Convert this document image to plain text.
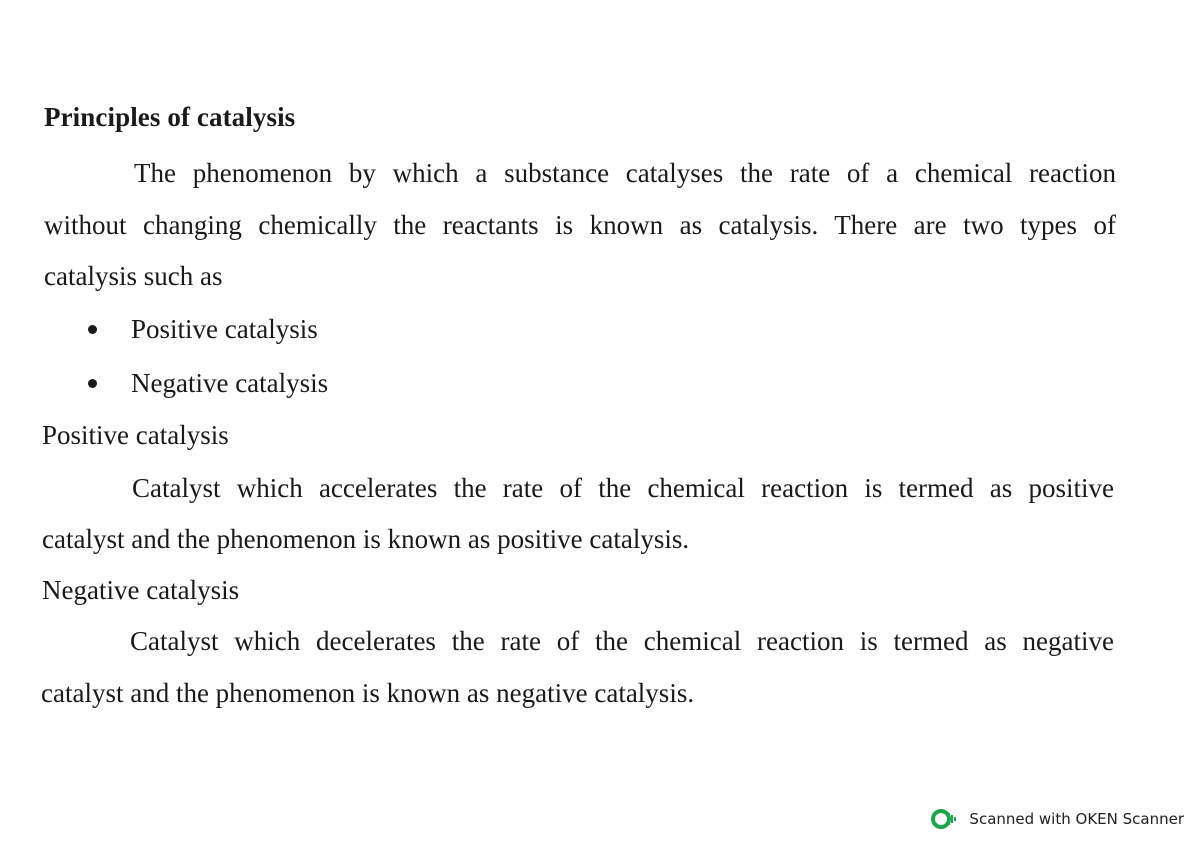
Principles of catalysis
The phenomenon by which a substance catalyses the rate of a chemical reaction
without changing chemically the reactants is known as catalysis. There are two types of
catalysis such as
Positive catalysis
Negative catalysis
Positive catalysis
Catalyst which accelerates the rate of the chemical reaction is termed as positive
catalyst and the phenomenon is known as positive catalysis.
Negative catalysis
Catalyst which decelerates the rate of the chemical reaction is termed as negative
catalyst and the phenomenon is known as negative catalysis.
Scanned with OKEN Scanner
